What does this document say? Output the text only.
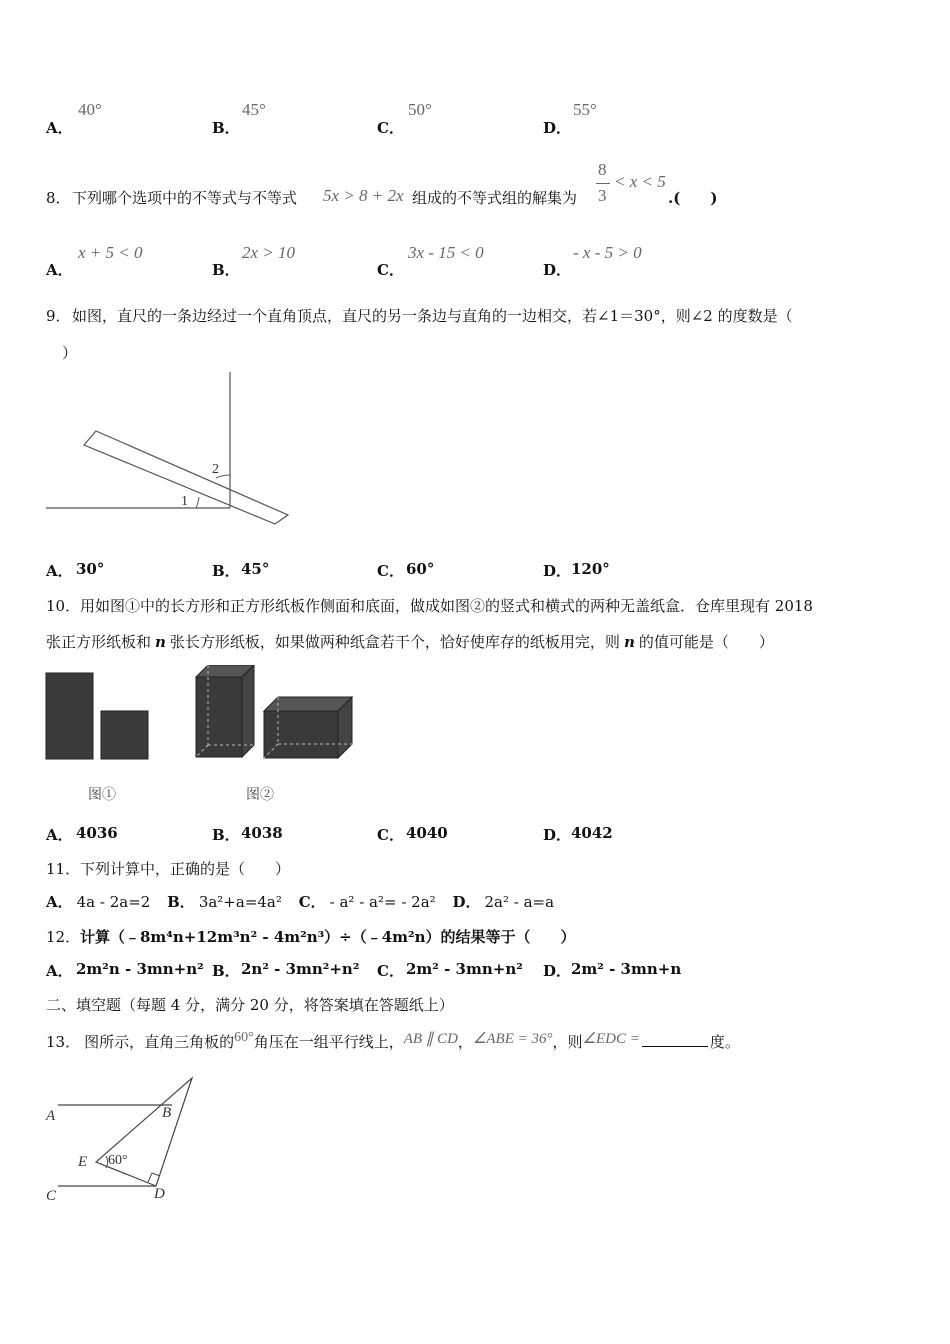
A．
40°
B．
45°
C．
50°
D．
55°
8． 下列哪个选项中的不等式与不等式 5x > 8 + 2x 组成的不等式组的解集为
8
3
< x < 5
.(　　)
A．
x + 5 < 0
B．
2x > 10
C．
3x - 15 < 0
D．
- x - 5 > 0
9． 如图，直尺的一条边经过一个直角顶点，直尺的另一条边与直角的一边相交，若∠1＝30°，则∠2 的度数是（
）
1
2
A． 30°	B． 45°	C． 60°	D． 120°
10． 用如图①中的长方形和正方形纸板作侧面和底面，做成如图②的竖式和横式的两种无盖纸盒．仓库里现有 2018
张正方形纸板和 n 张长方形纸板，如果做两种纸盒若干个，恰好使库存的纸板用完，则 n 的值可能是（　　）
图①	图②
A． 4036	B． 4038	C． 4040	D． 4042
11． 下列计算中，正确的是（　　）
A． 4a - 2a=2 B． 3a²+a=4a² C． - a² - a²= - 2a² D． 2a² - a=a
12． 计算（﹣8m⁴n+12m³n² - 4m²n³）÷（﹣4m²n）的结果等于（　　）
A． 2m²n - 3mn+n² B． 2n² - 3mn²+n² C． 2m² - 3mn+n² D． 2m² - 3mn+n
二、填空题（每题 4 分，满分 20 分，将答案填在答题纸上）
13． 图所示，直角三角板的60°角压在一组平行线上，AB ∥ CD，∠ABE = 36°，则∠EDC =	度。
A	B
C	D
E 60°
